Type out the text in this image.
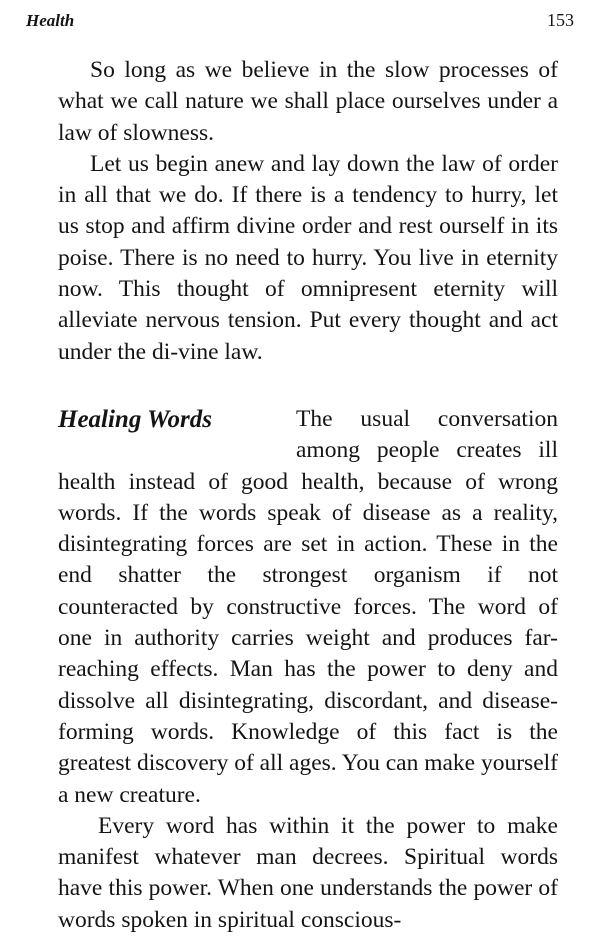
Health	153

So long as we believe in the slow processes of what we call nature we shall place ourselves under a law of slowness.

Let us begin anew and lay down the law of order in all that we do. If there is a tendency to hurry, let us stop and affirm divine order and rest ourself in its poise. There is no need to hurry. You live in eternity now. This thought of omnipresent eternity will alleviate nervous tension. Put every thought and act under the di-vine law.

Healing Words	The usual conversation among people creates ill health instead of good health, because of wrong words. If the words speak of disease as a reality, disintegrating forces are set in action. These in the end shatter the strongest organism if not counteracted by constructive forces. The word of one in authority carries weight and produces far-reaching effects. Man has the power to deny and dissolve all disintegrating, discordant, and disease-forming words. Knowledge of this fact is the greatest discovery of all ages. You can make yourself a new creature.

Every word has within it the power to make manifest whatever man decrees. Spiritual words have this power. When one understands the power of words spoken in spiritual conscious-
